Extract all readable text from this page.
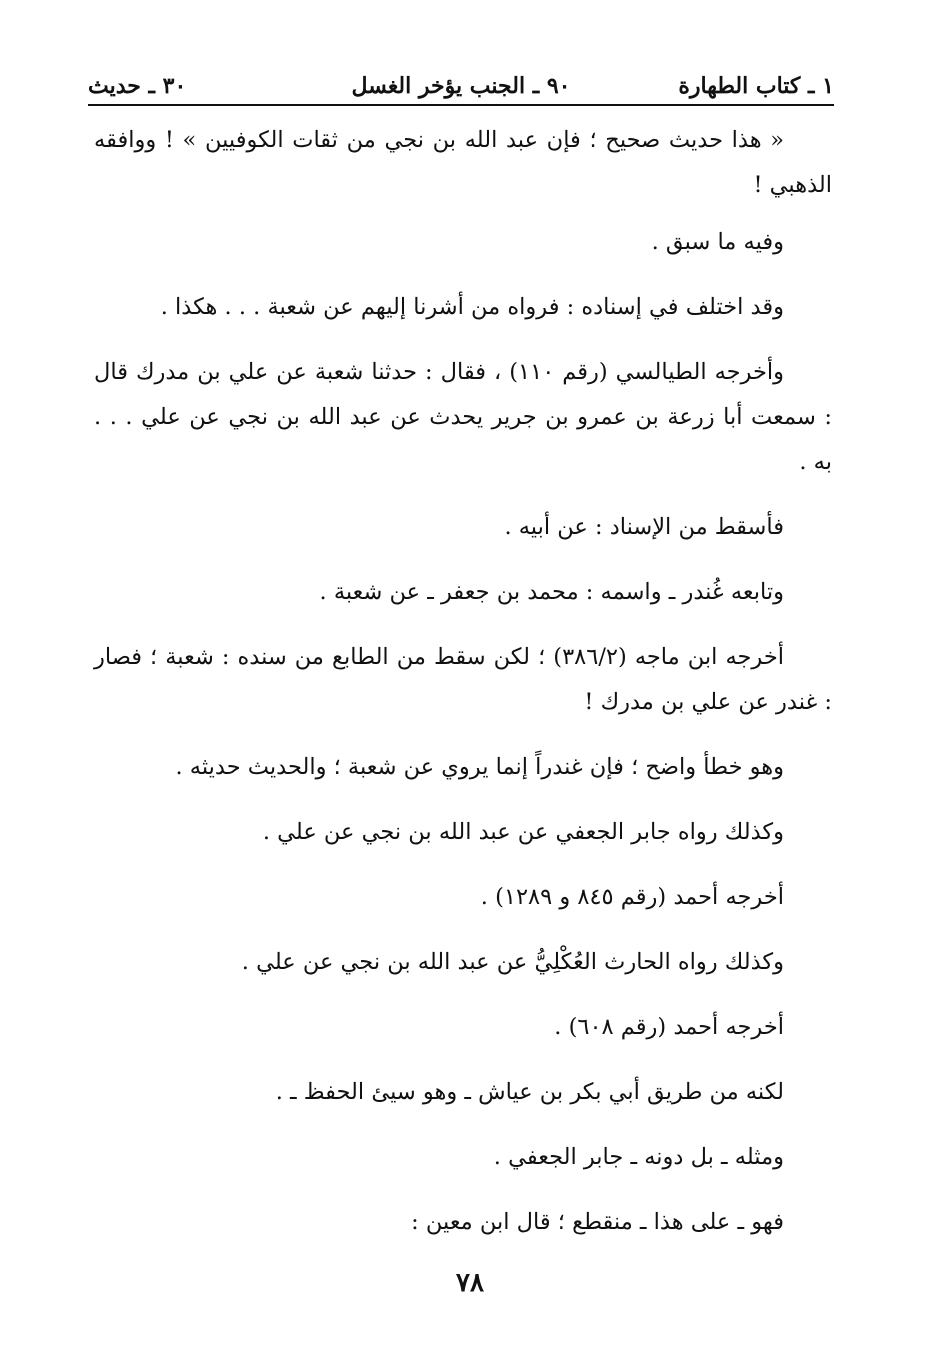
١ ـ كتاب الطهارة
٩٠ ـ الجنب يؤخر الغسل
٣٠ ـ حديث

« هذا حديث صحيح ؛ فإن عبد الله بن نجي من ثقات الكوفيين » ! ووافقه الذهبي !

وفيه ما سبق .

وقد اختلف في إسناده : فرواه من أشرنا إليهم عن شعبة . . . هكذا .

وأخرجه الطيالسي (رقم ١١٠) ، فقال : حدثنا شعبة عن علي بن مدرك قال : سمعت أبا زرعة بن عمرو بن جرير يحدث عن عبد الله بن نجي عن علي . . . به .

فأسقط من الإسناد : عن أبيه .

وتابعه غُندر ـ واسمه : محمد بن جعفر ـ عن شعبة .

أخرجه ابن ماجه (٣٨٦/٢) ؛ لكن سقط من الطابع من سنده : شعبة ؛ فصار : غندر عن علي بن مدرك !

وهو خطأ واضح ؛ فإن غندراً إنما يروي عن شعبة ؛ والحديث حديثه .

وكذلك رواه جابر الجعفي عن عبد الله بن نجي عن علي .

أخرجه أحمد (رقم ٨٤٥ و ١٢٨٩) .

وكذلك رواه الحارث العُكْلِيُّ عن عبد الله بن نجي عن علي .

أخرجه أحمد (رقم ٦٠٨) .

لكنه من طريق أبي بكر بن عياش ـ وهو سيئ الحفظ ـ .

ومثله ـ بل دونه ـ جابر الجعفي .

فهو ـ على هذا ـ منقطع ؛ قال ابن معين :

٧٨
